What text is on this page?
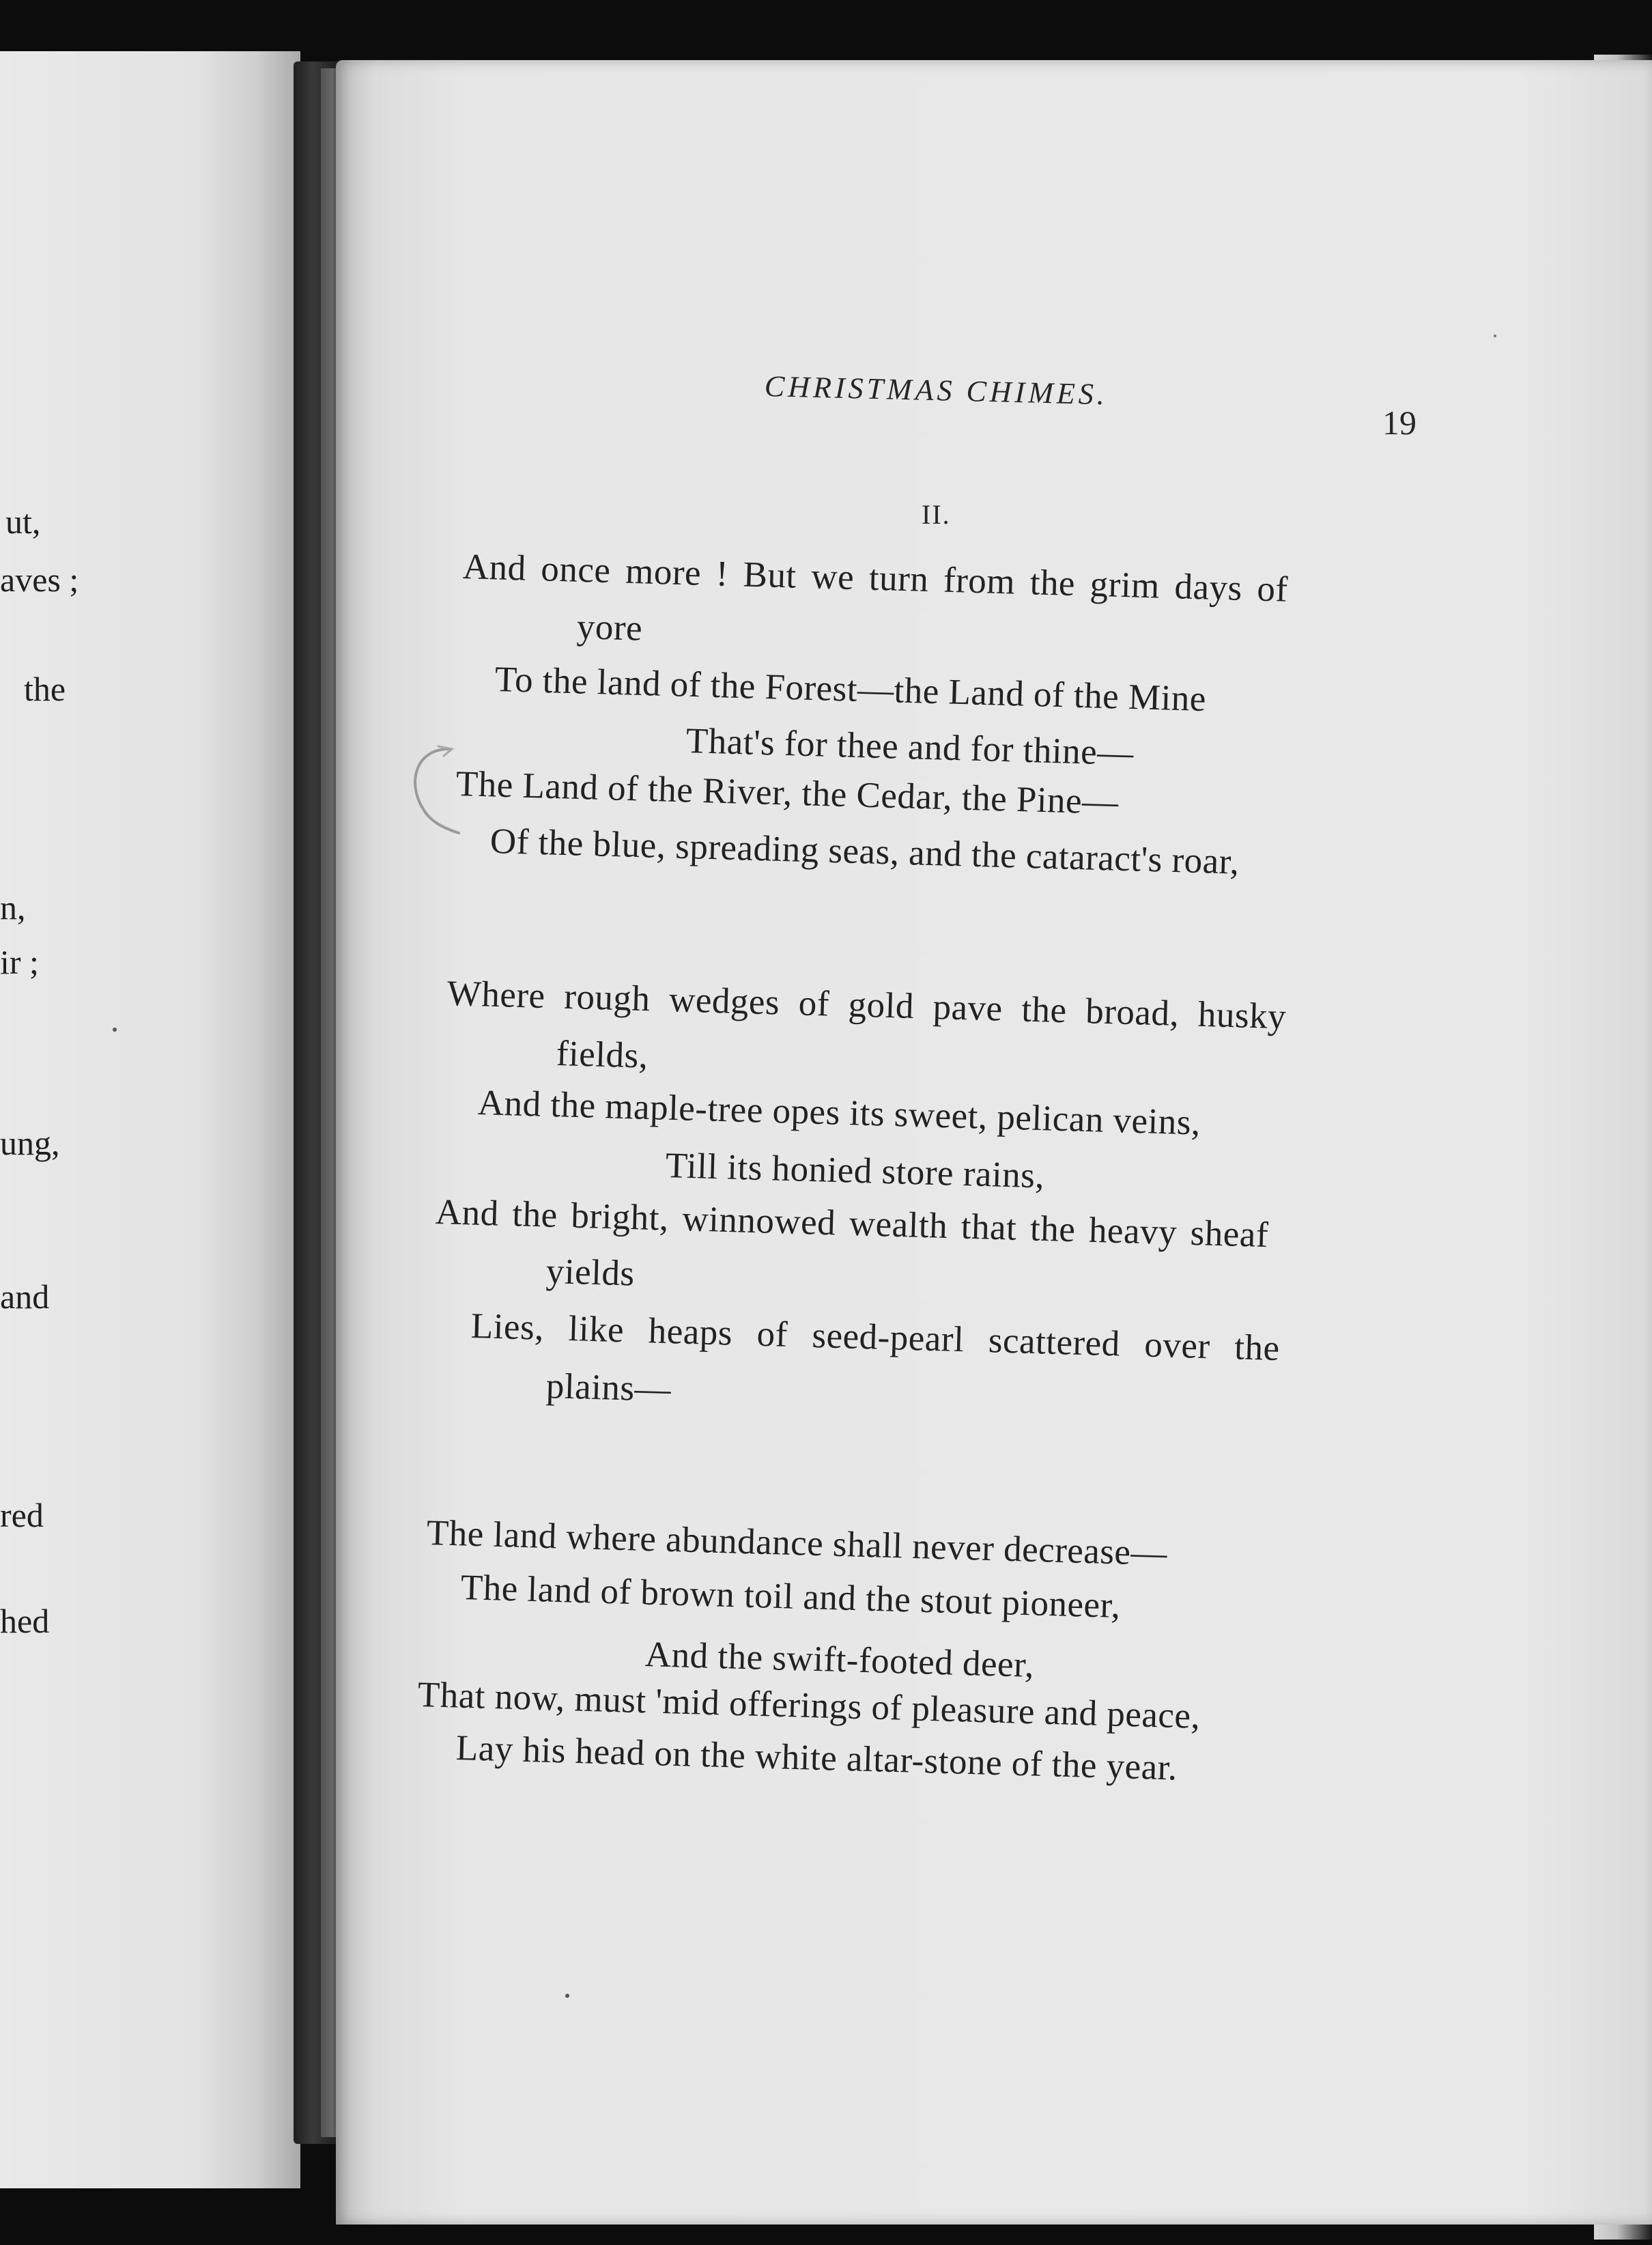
ut,
aves ;
the
n,
ir ;
ung,
and
red
hed
CHRISTMAS CHIMES.
19
II.
And once more ! But we turn from the grim days of
yore
To the land of the Forest—the Land of the Mine
That's for thee and for thine—
The Land of the River, the Cedar, the Pine—
Of the blue, spreading seas, and the cataract's roar,
Where rough wedges of gold pave the broad, husky
fields,
And the maple-tree opes its sweet, pelican veins,
Till its honied store rains,
And the bright, winnowed wealth that the heavy sheaf
yields
Lies, like heaps of seed-pearl scattered over the
plains—
The land where abundance shall never decrease—
The land of brown toil and the stout pioneer,
And the swift-footed deer,
That now, must 'mid offerings of pleasure and peace,
Lay his head on the white altar-stone of the year.
